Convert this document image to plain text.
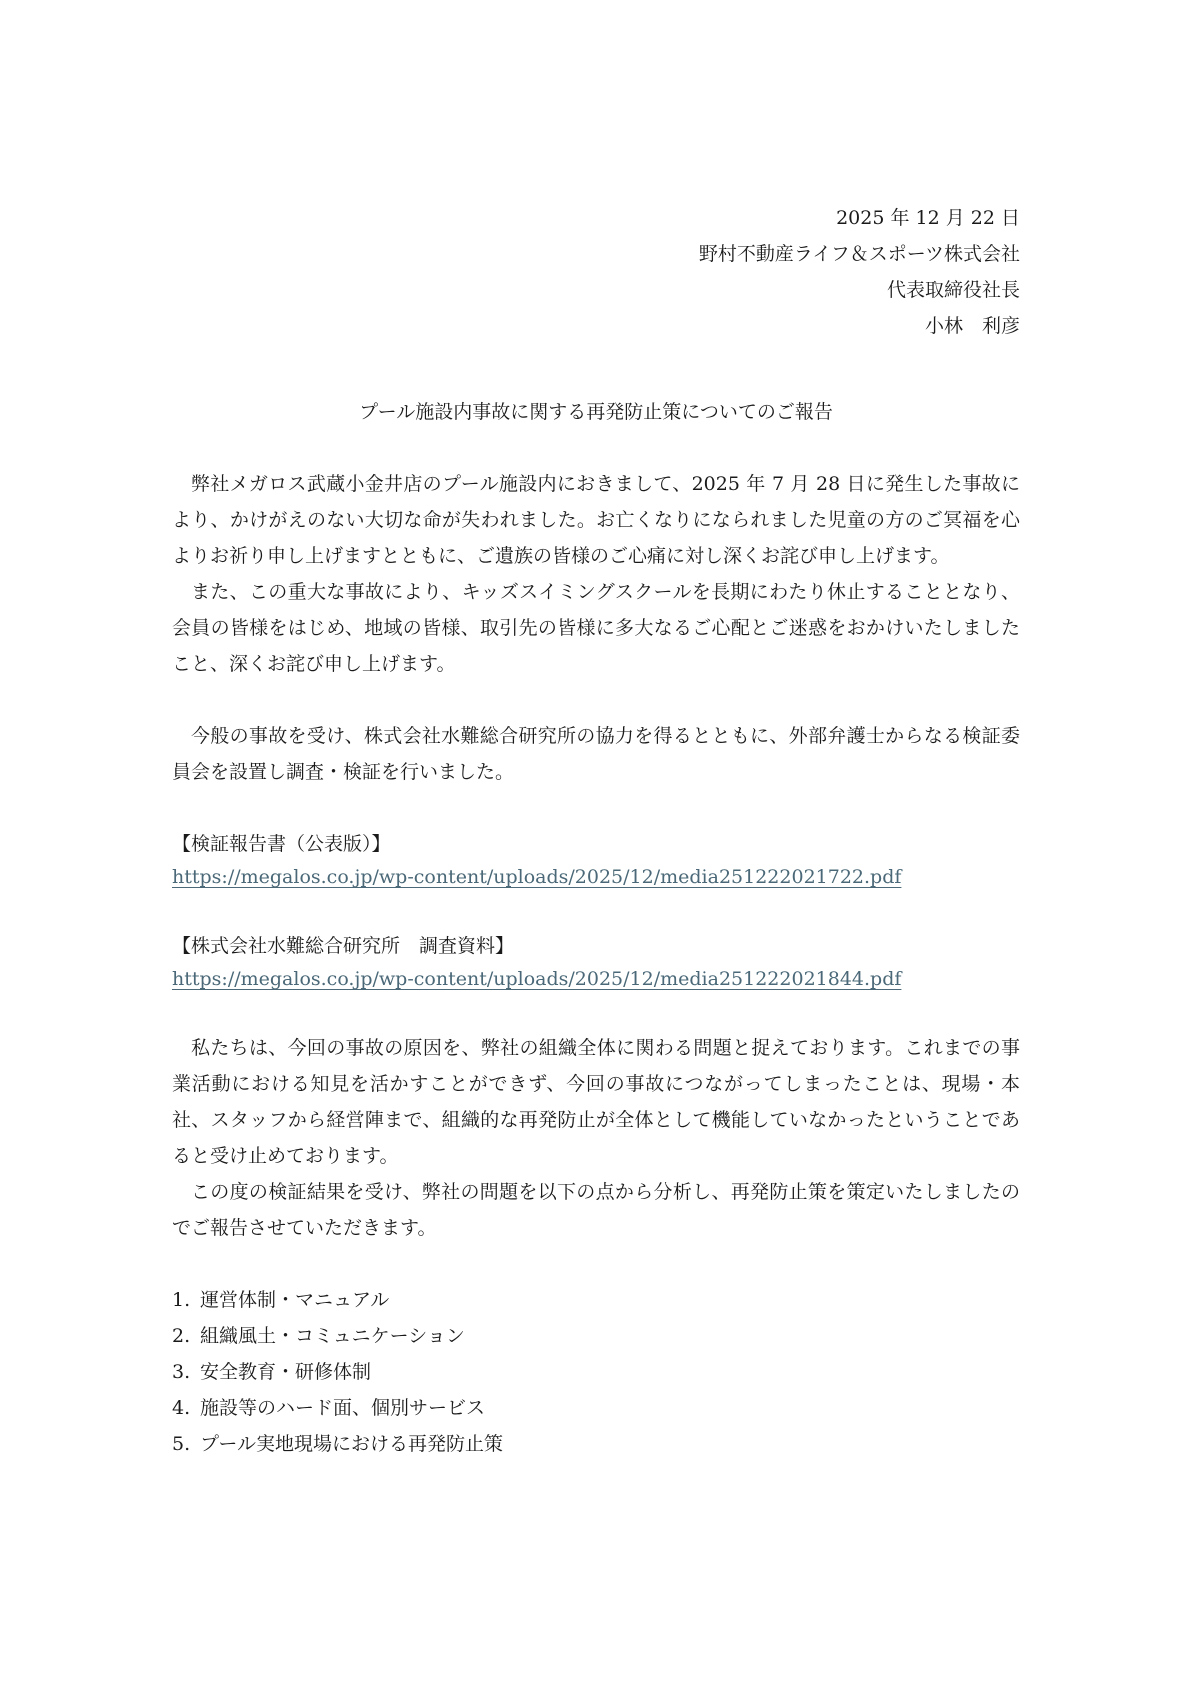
2025 年 12 月 22 日
野村不動産ライフ＆スポーツ株式会社
代表取締役社長
小林　利彦
プール施設内事故に関する再発防止策についてのご報告

弊社メガロス武蔵小金井店のプール施設内におきまして、2025 年 7 月 28 日に発生した事故により、かけがえのない大切な命が失われました。お亡くなりになられました児童の方のご冥福を心よりお祈り申し上げますとともに、ご遺族の皆様のご心痛に対し深くお詫び申し上げます。

また、この重大な事故により、キッズスイミングスクールを長期にわたり休止することとなり、会員の皆様をはじめ、地域の皆様、取引先の皆様に多大なるご心配とご迷惑をおかけいたしましたこと、深くお詫び申し上げます。

今般の事故を受け、株式会社水難総合研究所の協力を得るとともに、外部弁護士からなる検証委員会を設置し調査・検証を行いました。

【検証報告書（公表版）】
https://megalos.co.jp/wp-content/uploads/2025/12/media251222021722.pdf
【株式会社水難総合研究所　調査資料】
https://megalos.co.jp/wp-content/uploads/2025/12/media251222021844.pdf

私たちは、今回の事故の原因を、弊社の組織全体に関わる問題と捉えております。これまでの事業活動における知見を活かすことができず、今回の事故につながってしまったことは、現場・本社、スタッフから経営陣まで、組織的な再発防止が全体として機能していなかったということであると受け止めております。

この度の検証結果を受け、弊社の問題を以下の点から分析し、再発防止策を策定いたしましたのでご報告させていただきます。

1. 運営体制・マニュアル
2. 組織風土・コミュニケーション
3. 安全教育・研修体制
4. 施設等のハード面、個別サービス
5. プール実地現場における再発防止策
